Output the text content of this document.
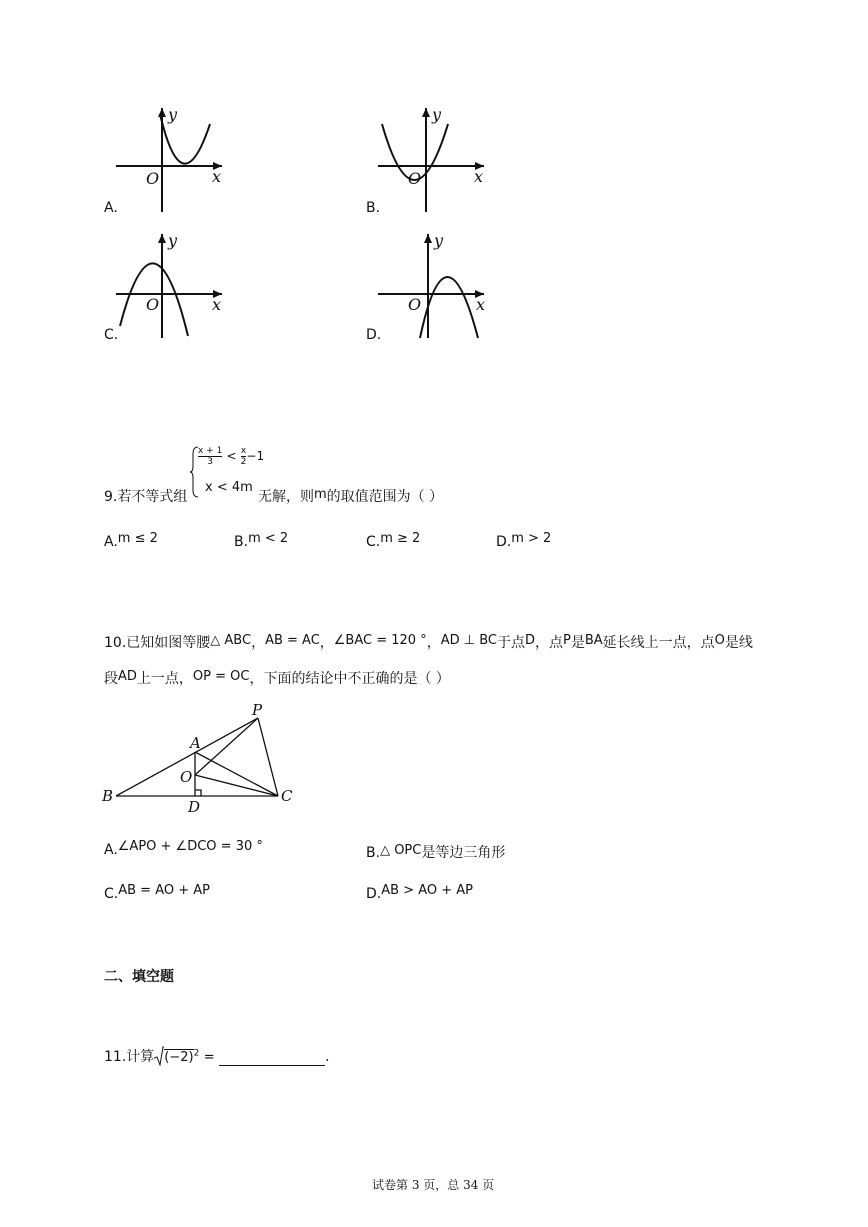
y
x
O
A.
y
x
O
B.
y
x
O
C.
y
x
O
D.
9.若不等式组
$\frac{x + 1}{3} < \frac{x}{2} -1$
x < 4m
无解，则m的取值范围为（ ）
A.m ≤ 2	B.m < 2	C.m ≥ 2	D.m > 2
10.已知如图等腰△ ABC，AB = AC，∠BAC = 120 °，AD ⊥ BC于点D，点P是BA延长线上一点，点O是线
段AD上一点，OP = OC，下面的结论中不正确的是（ ）
P
A
O
B
D
C
A.∠APO + ∠DCO = 30 °	B.△ OPC是等边三角形
C.AB = AO + AP	D.AB > AO + AP
二、填空题
11.计算 $(-2)^2$ =	.
试卷第 3 页，总 34 页
